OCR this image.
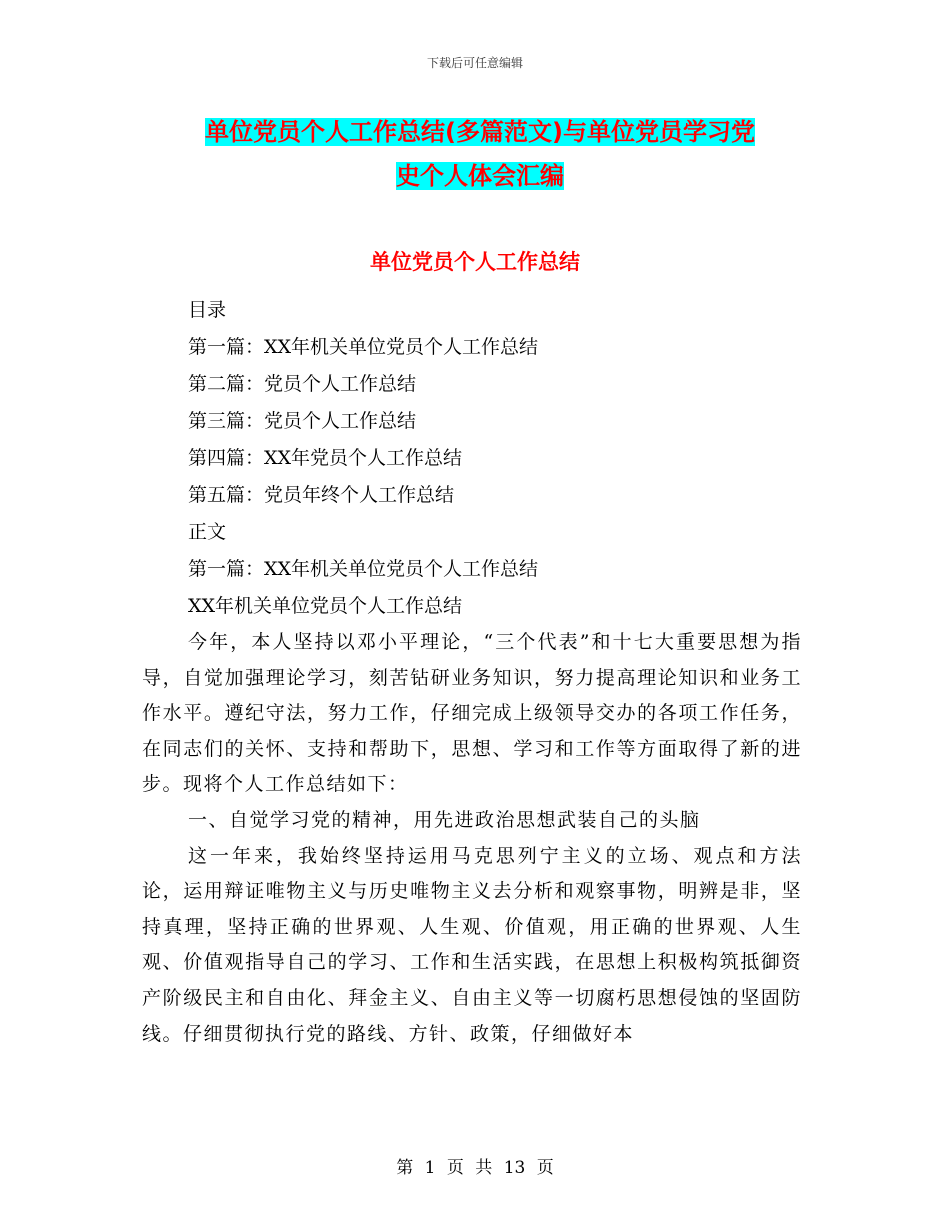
下载后可任意编辑
单位党员个人工作总结(多篇范文)与单位党员学习党
史个人体会汇编
单位党员个人工作总结
目录
第一篇：XX年机关单位党员个人工作总结
第二篇：党员个人工作总结
第三篇：党员个人工作总结
第四篇：XX年党员个人工作总结
第五篇：党员年终个人工作总结
正文
第一篇：XX年机关单位党员个人工作总结
XX年机关单位党员个人工作总结

今年，本人坚持以邓小平理论，“三个代表”和十七大重要思想为指导，自觉加强理论学习，刻苦钻研业务知识，努力提高理论知识和业务工作水平。遵纪守法，努力工作，仔细完成上级领导交办的各项工作任务，在同志们的关怀、支持和帮助下，思想、学习和工作等方面取得了新的进步。现将个人工作总结如下：

一、自觉学习党的精神，用先进政治思想武装自己的头脑

这一年来，我始终坚持运用马克思列宁主义的立场、观点和方法论，运用辩证唯物主义与历史唯物主义去分析和观察事物，明辨是非，坚持真理，坚持正确的世界观、人生观、价值观，用正确的世界观、人生观、价值观指导自己的学习、工作和生活实践，在思想上积极构筑抵御资产阶级民主和自由化、拜金主义、自由主义等一切腐朽思想侵蚀的坚固防线。仔细贯彻执行党的路线、方针、政策，仔细做好本

第 1 页 共 13 页
